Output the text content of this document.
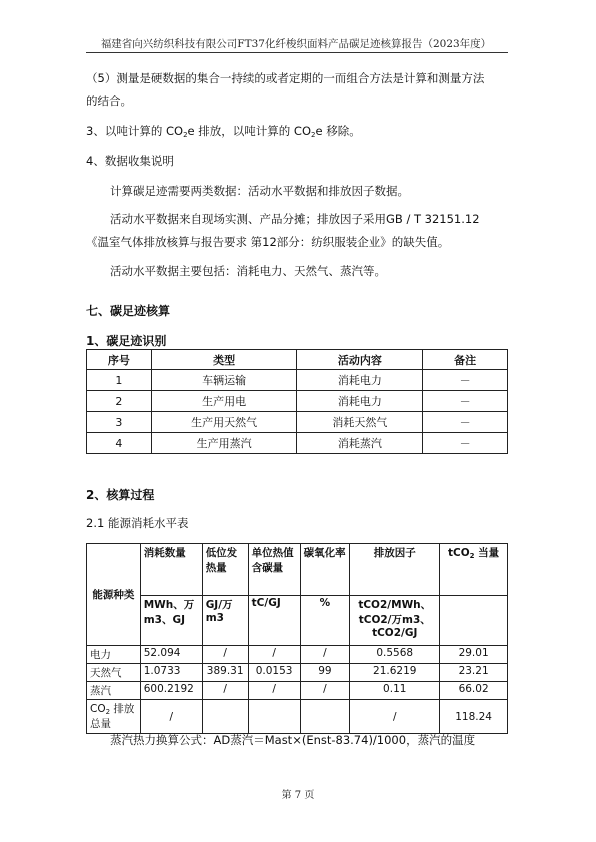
福建省向兴纺织科技有限公司FT37化纤梭织面料产品碳足迹核算报告（2023年度）
（5）测量是硬数据的集合一持续的或者定期的一而组合方法是计算和测量方法
的结合。
3、以吨计算的 $CO_2e$ 排放，以吨计算的 $CO_2e$ 移除。
4、数据收集说明
计算碳足迹需要两类数据：活动水平数据和排放因子数据。
活动水平数据来自现场实测、产品分摊；排放因子采用GB / T 32151.12
《温室气体排放核算与报告要求 第12部分：纺织服装企业》的缺失值。
活动水平数据主要包括：消耗电力、天然气、蒸汽等。
七、碳足迹核算
1、碳足迹识别
序号	类型	活动内容	备注
1	车辆运输	消耗电力	－
2	生产用电	消耗电力	－
3	生产用天然气	消耗天然气	－
4	生产用蒸汽	消耗蒸汽	－
2、核算过程
2.1 能源消耗水平表
能源种类	消耗数量	低位发热量	单位热值含碳量	碳氧化率	排放因子	tCO$_2$ 当量
	MWh、万m3、GJ	GJ/万m3	tC/GJ	%	tCO2/MWh、tCO2/万m3、tCO2/GJ	
电力	52.094	/	/	/	0.5568	29.01
天然气	1.0733	389.31	0.0153	99	21.6219	23.21
蒸汽	600.2192	/	/	/	0.11	66.02
$CO_2$ 排放总量	/				/	118.24
蒸汽热力换算公式：AD蒸汽＝Mast×(Enst-83.74)/1000，蒸汽的温度
第 7 页
